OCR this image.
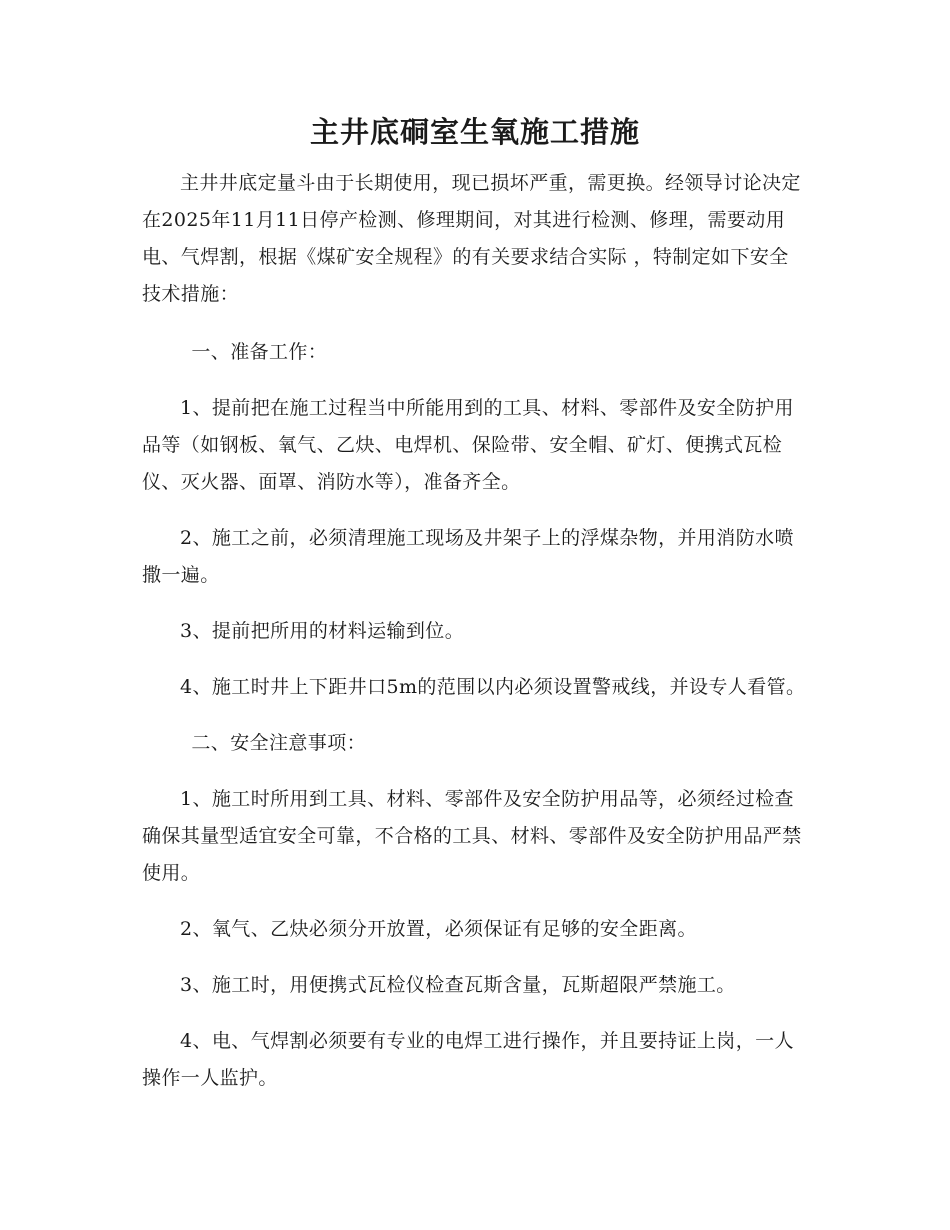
主井底硐室生氧施工措施

主井井底定量斗由于长期使用，现已损坏严重，需更换。经领导讨论决定在2025年11月11日停产检测、修理期间，对其进行检测、修理，需要动用电、气焊割，根据《煤矿安全规程》的有关要求结合实际 ，特制定如下安全技术措施：

一、准备工作：

1、提前把在施工过程当中所能用到的工具、材料、零部件及安全防护用品等（如钢板、氧气、乙炔、电焊机、保险带、安全帽、矿灯、便携式瓦检仪、灭火器、面罩、消防水等），准备齐全。

2、施工之前，必须清理施工现场及井架子上的浮煤杂物，并用消防水喷撒一遍。

3、提前把所用的材料运输到位。

4、施工时井上下距井口5m的范围以内必须设置警戒线，并设专人看管。

二、安全注意事项：

1、施工时所用到工具、材料、零部件及安全防护用品等，必须经过检查确保其量型适宜安全可靠，不合格的工具、材料、零部件及安全防护用品严禁使用。

2、氧气、乙炔必须分开放置，必须保证有足够的安全距离。

3、施工时，用便携式瓦检仪检查瓦斯含量，瓦斯超限严禁施工。

4、电、气焊割必须要有专业的电焊工进行操作，并且要持证上岗，一人操作一人监护。
